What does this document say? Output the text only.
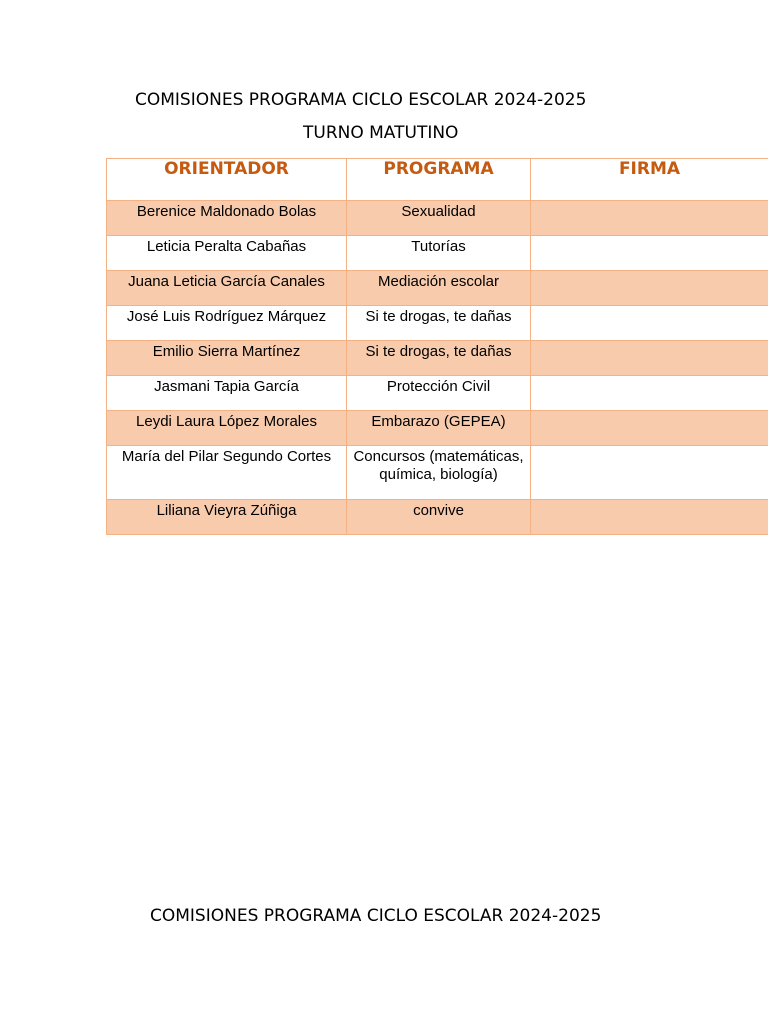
COMISIONES PROGRAMA CICLO ESCOLAR 2024-2025
TURNO MATUTINO
ORIENTADOR	PROGRAMA	FIRMA
Berenice Maldonado Bolas	Sexualidad	
Leticia Peralta Cabañas	Tutorías	
Juana Leticia García Canales	Mediación escolar	
José Luis Rodríguez Márquez	Si te drogas, te dañas	
Emilio Sierra Martínez	Si te drogas, te dañas	
Jasmani Tapia García	Protección Civil	
Leydi Laura López Morales	Embarazo (GEPEA)	
María del Pilar Segundo Cortes	Concursos (matemáticas, química, biología)	
Liliana Vieyra Zúñiga	convive	
COMISIONES PROGRAMA CICLO ESCOLAR 2024-2025
